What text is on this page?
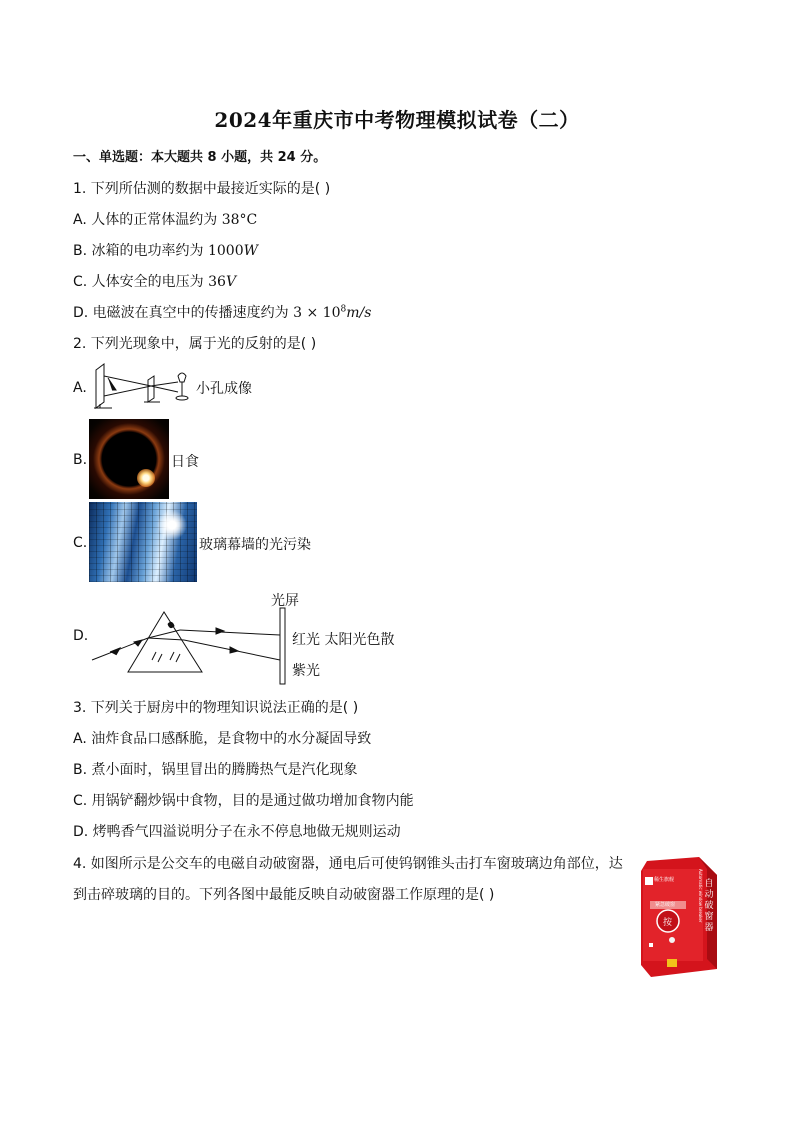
2024年重庆市中考物理模拟试卷（二）
一、单选题：本大题共 8 小题，共 24 分。
1. 下列所估测的数据中最接近实际的是( )
A. 人体的正常体温约为 38°C
B. 冰箱的电功率约为 1000W
C. 人体安全的电压为 36V
D. 电磁波在真空中的传播速度约为 $3 \times 10^8m/s$
2. 下列光现象中，属于光的反射的是( )
A.	小孔成像
B.	日食
C.	玻璃幕墙的光污染
D.
光屏
红光 太阳光色散
紫光
3. 下列关于厨房中的物理知识说法正确的是( )
A. 油炸食品口感酥脆，是食物中的水分凝固导致
B. 煮小面时，锅里冒出的腾腾热气是汽化现象
C. 用锅铲翻炒锅中食物，目的是通过做功增加食物内能
D. 烤鸭香气四溢说明分子在永不停息地做无规则运动
4. 如图所示是公交车的电磁自动破窗器，通电后可使钨钢锥头击打车窗玻璃边角部位，达
到击碎玻璃的目的。下列各图中最能反映自动破窗器工作原理的是( )
稀生旗舰
紧急破窗
按
自动破窗器
Automatic window breaker
